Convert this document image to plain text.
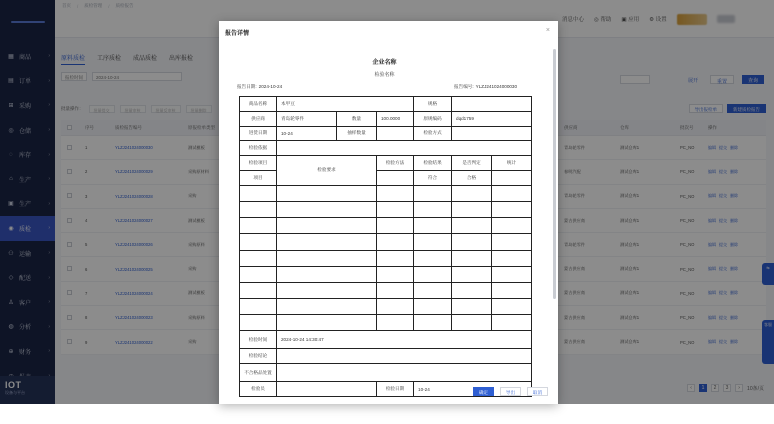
▦ 商品	›
▤ 订单	›
⊞ 采购	›
◎ 仓储	›
◌	库存	›
⌂	生产	›
▣ 生产	›
◉ 质检	›
⚇ 运输	›
◇ 配送	›
♙ 客户	›
◍ 分析	›
⊕ 财务	›
IOT
设备与平台
首页 / 质检管理 / 质检报告
消息中心 ◎ 帮助 ▣ 应用 ⚙ 设置
原料质检 工序质检 成品质检 出库报检
报检时间	2024-10-24
展开	重置	查询
批量操作：	批量提交	批量审核	批量反审核	批量删除	导出报检单	新建质检报告
序号	质检报告编号	原报检单类型	供应商	仓库	批次号	操作
1	YLZJ241024000030	测试模板	青岛轮零件	测试仓库1	PC_NO	编辑 提交 删除
2	YLZJ241024000029	采购原材料	春明汽配	测试仓库1	PC_NO	编辑 提交 删除
3	YLZJ241024000028	采购	青岛轮零件	测试仓库1	PC_NO	编辑 提交 删除
4	YLZJ241024000027	测试模板	蒙古供应商	测试仓库1	PC_NO	编辑 提交 删除
5	YLZJ241024000026	采购原料	青岛轮零件	测试仓库1	PC_NO	编辑 提交 删除
6	YLZJ241024000025	采购	蒙古供应商	测试仓库1	PC_NO	编辑 提交 删除
7	YLZJ241024000024	测试模板	蒙古供应商	测试仓库1	PC_NO	编辑 提交 删除
8	YLZJ241024000023	采购原料	蒙古供应商	测试仓库1	PC_NO	编辑 提交 删除
9	YLZJ241024000022	采购	蒙古供应商	测试仓库1	PC_NO	编辑 提交 删除
‹	1	2	3	›	10条/页
⇆
客服
报告详情	×
企业名称
检验名称
报告日期: 2024-10-24	报告编号: YLZJ241024000030
商品名称	本甲豆			规格		
供应商	青岛轮零件	数量	100.0000	原规编码	dqd1759	
进货日期	10-24	抽样数量		检验方式		
检验依据						
检验项目	检验要求		检验方法	检验结果	是否判定	统计
项目				符合	合格	

检验时间	2024-10-24 14:30:47					
检验结论						
不合格品处置						
检验员			检验日期	10-24		
确定	导出	取消
